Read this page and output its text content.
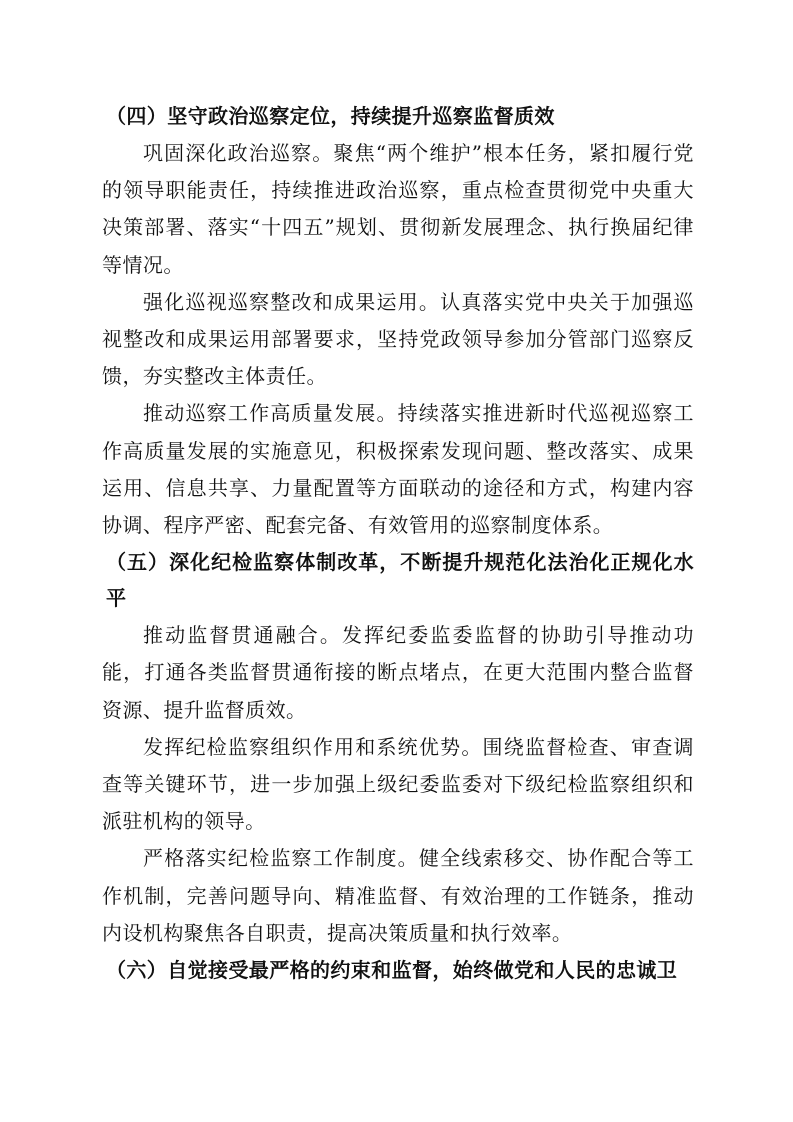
（四）坚守政治巡察定位，持续提升巡察监督质效

巩固深化政治巡察。聚焦“两个维护”根本任务，紧扣履行党的领导职能责任，持续推进政治巡察，重点检查贯彻党中央重大决策部署、落实“十四五”规划、贯彻新发展理念、执行换届纪律等情况。

强化巡视巡察整改和成果运用。认真落实党中央关于加强巡视整改和成果运用部署要求，坚持党政领导参加分管部门巡察反馈，夯实整改主体责任。

推动巡察工作高质量发展。持续落实推进新时代巡视巡察工作高质量发展的实施意见，积极探索发现问题、整改落实、成果运用、信息共享、力量配置等方面联动的途径和方式，构建内容协调、程序严密、配套完备、有效管用的巡察制度体系。

（五）深化纪检监察体制改革，不断提升规范化法治化正规化水平

推动监督贯通融合。发挥纪委监委监督的协助引导推动功能，打通各类监督贯通衔接的断点堵点，在更大范围内整合监督资源、提升监督质效。

发挥纪检监察组织作用和系统优势。围绕监督检查、审查调查等关键环节，进一步加强上级纪委监委对下级纪检监察组织和派驻机构的领导。

严格落实纪检监察工作制度。健全线索移交、协作配合等工作机制，完善问题导向、精准监督、有效治理的工作链条，推动内设机构聚焦各自职责，提高决策质量和执行效率。

（六）自觉接受最严格的约束和监督，始终做党和人民的忠诚卫
